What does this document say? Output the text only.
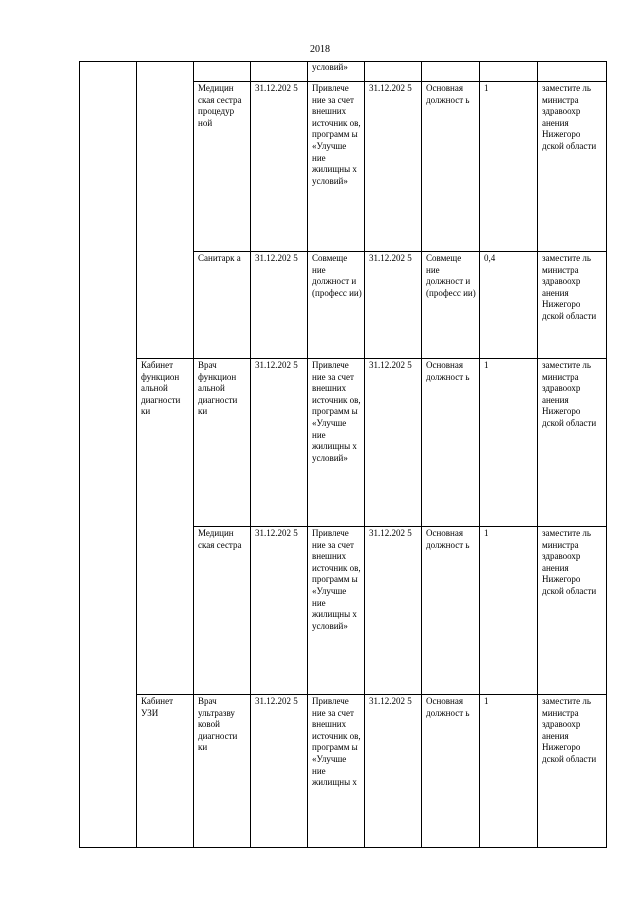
2018

				условий»				

		Медицин ская сестра процедур ной	31.12.202 5	Привлече ние за счет внешних источник ов, программ ы «Улучше ние жилищны х условий»	31.12.202 5	Основная должност ь	1	заместите ль министра здравоохр анения Нижегоро дской области

		Санитарк а	31.12.202 5	Совмеще ние должност и (професс ии)	31.12.202 5	Совмеще ние должност и (професс ии)	0,4	заместите ль министра здравоохр анения Нижегоро дской области

	Кабинет функцион альной диагности ки	Врач функцион альной диагности ки	31.12.202 5	Привлече ние за счет внешних источник ов, программ ы «Улучше ние жилищны х условий»	31.12.202 5	Основная должност ь	1	заместите ль министра здравоохр анения Нижегоро дской области

		Медицин ская сестра	31.12.202 5	Привлече ние за счет внешних источник ов, программ ы «Улучше ние жилищны х условий»	31.12.202 5	Основная должност ь	1	заместите ль министра здравоохр анения Нижегоро дской области

	Кабинет УЗИ	Врач ультразву ковой диагности ки	31.12.202 5	Привлече ние за счет внешних источник ов, программ ы «Улучше ние жилищны х	31.12.202 5	Основная должност ь	1	заместите ль министра здравоохр анения Нижегоро дской области
